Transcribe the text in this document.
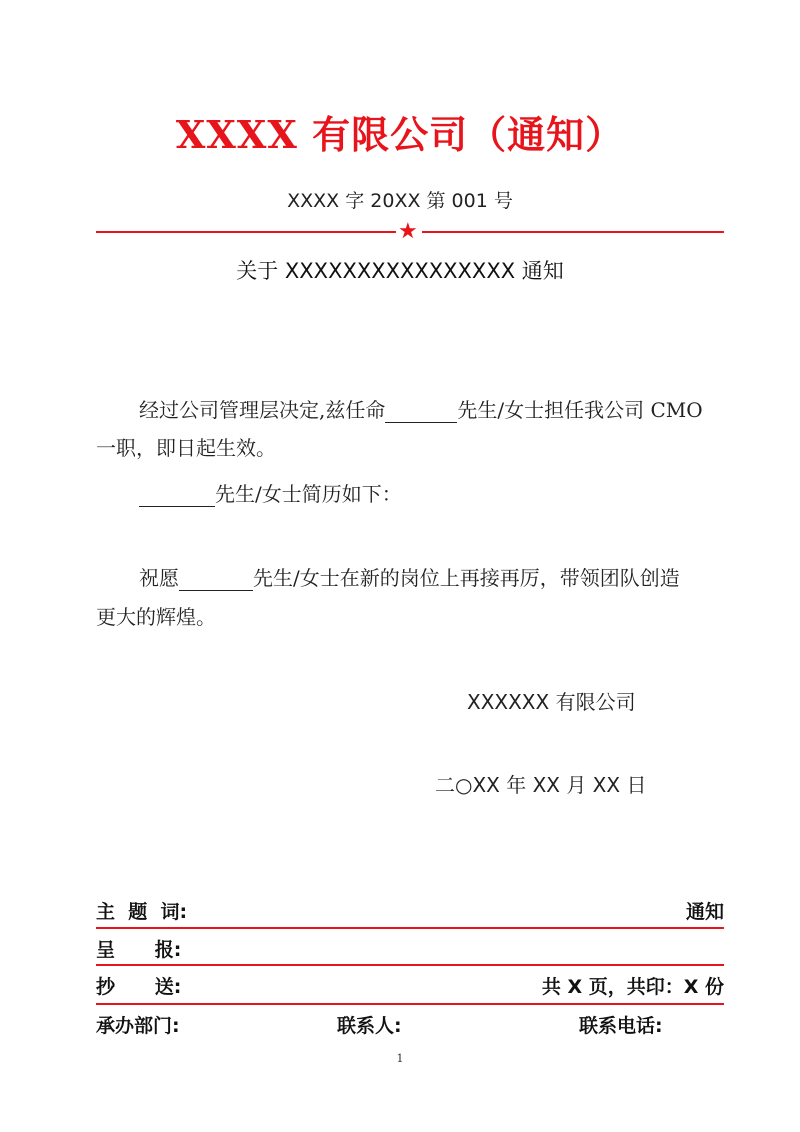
XXXX 有限公司（通知）
XXXX 字 20XX 第 001 号
★
关于 XXXXXXXXXXXXXXXX 通知
经过公司管理层决定,兹任命	先生/女士担任我公司 CMO
一职，即日起生效。
先生/女士简历如下：
祝愿	先生/女士在新的岗位上再接再厉，带领团队创造
更大的辉煌。
XXXXXX 有限公司
二○XX 年 XX 月 XX 日
主  题  词:	通知
呈      报:
抄      送:	共 X 页，共印：X 份
承办部门:	联系人:	联系电话:
1
